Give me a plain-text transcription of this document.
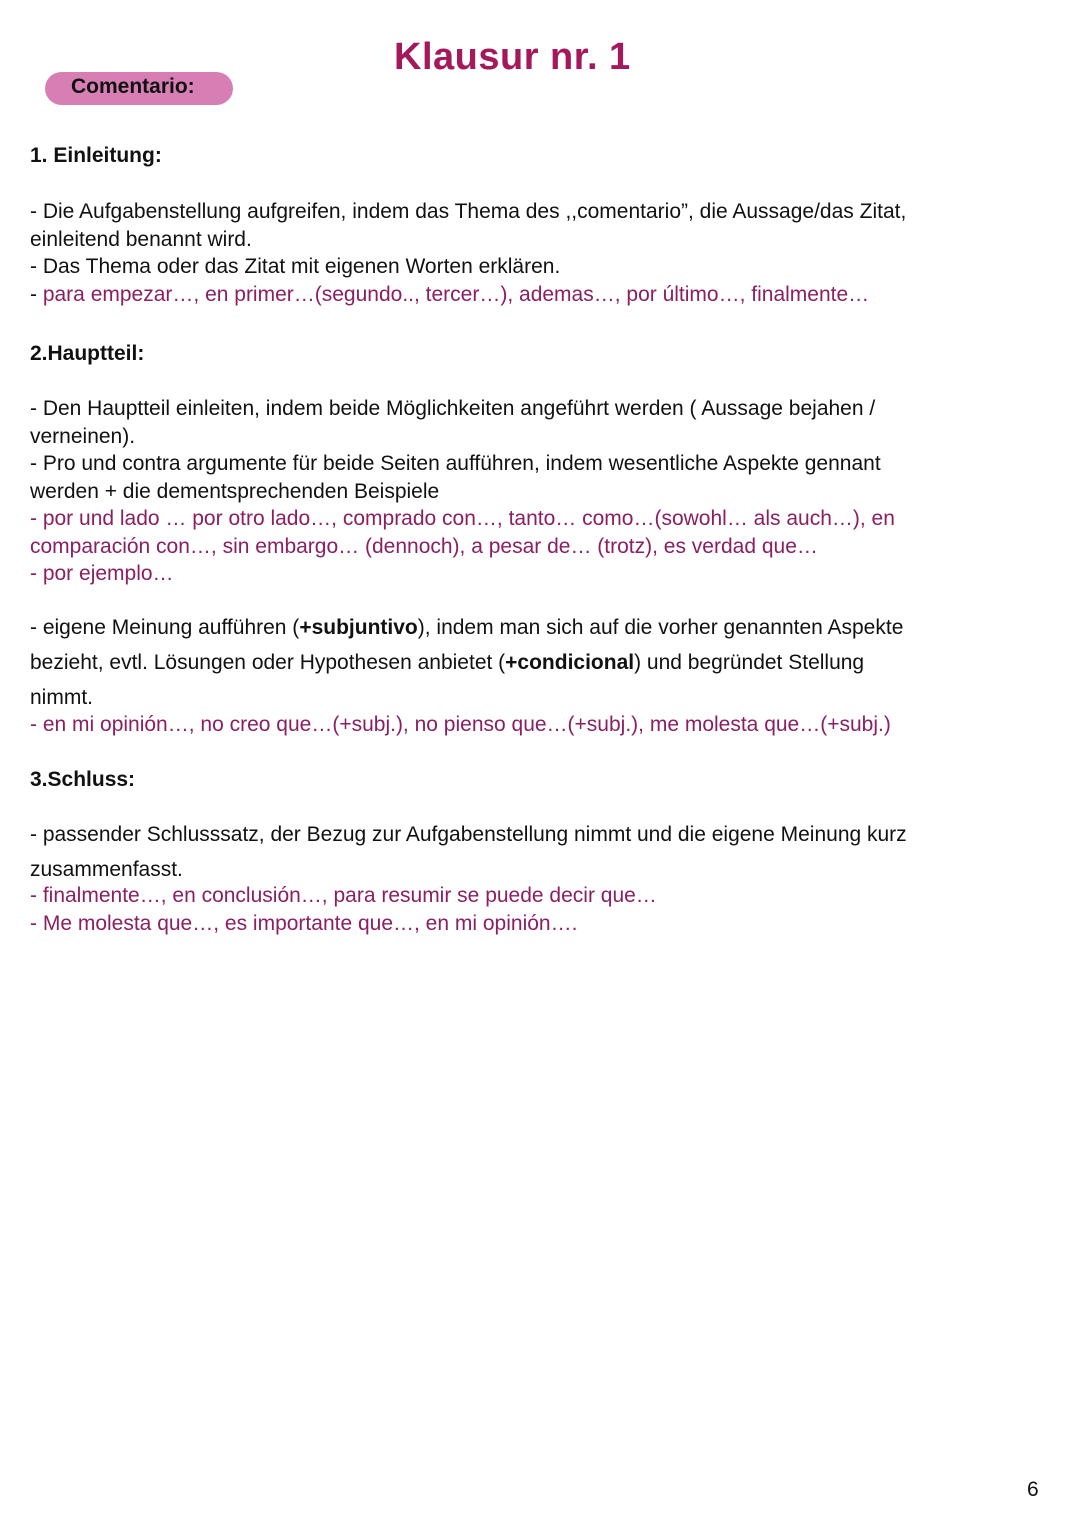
Klausur nr. 1
Comentario:
1. Einleitung:

- Die Aufgabenstellung aufgreifen, indem das Thema des ,,comentario”, die Aussage/das Zitat,

einleitend benannt wird.

- Das Thema oder das Zitat mit eigenen Worten erklären.

- para empezar…, en primer…(segundo.., tercer…), ademas…, por último…, finalmente…

2.Hauptteil:

- Den Hauptteil einleiten, indem beide Möglichkeiten angeführt werden ( Aussage bejahen /

verneinen).

- Pro und contra argumente für beide Seiten aufführen, indem wesentliche Aspekte gennant

werden + die dementsprechenden Beispiele

- por und lado … por otro lado…, comprado con…, tanto… como…(sowohl… als auch…), en

comparación con…, sin embargo… (dennoch), a pesar de… (trotz), es verdad que…

- por ejemplo…

- eigene Meinung aufführen (+subjuntivo), indem man sich auf die vorher genannten Aspekte

bezieht, evtl. Lösungen oder Hypothesen anbietet (+condicional) und begründet Stellung

nimmt.

- en mi opinión…, no creo que…(+subj.), no pienso que…(+subj.), me molesta que…(+subj.)
3.Schluss:

- passender Schlusssatz, der Bezug zur Aufgabenstellung nimmt und die eigene Meinung kurz

zusammenfasst.

- finalmente…, en conclusión…, para resumir se puede decir que…

- Me molesta que…, es importante que…, en mi opinión….

6
